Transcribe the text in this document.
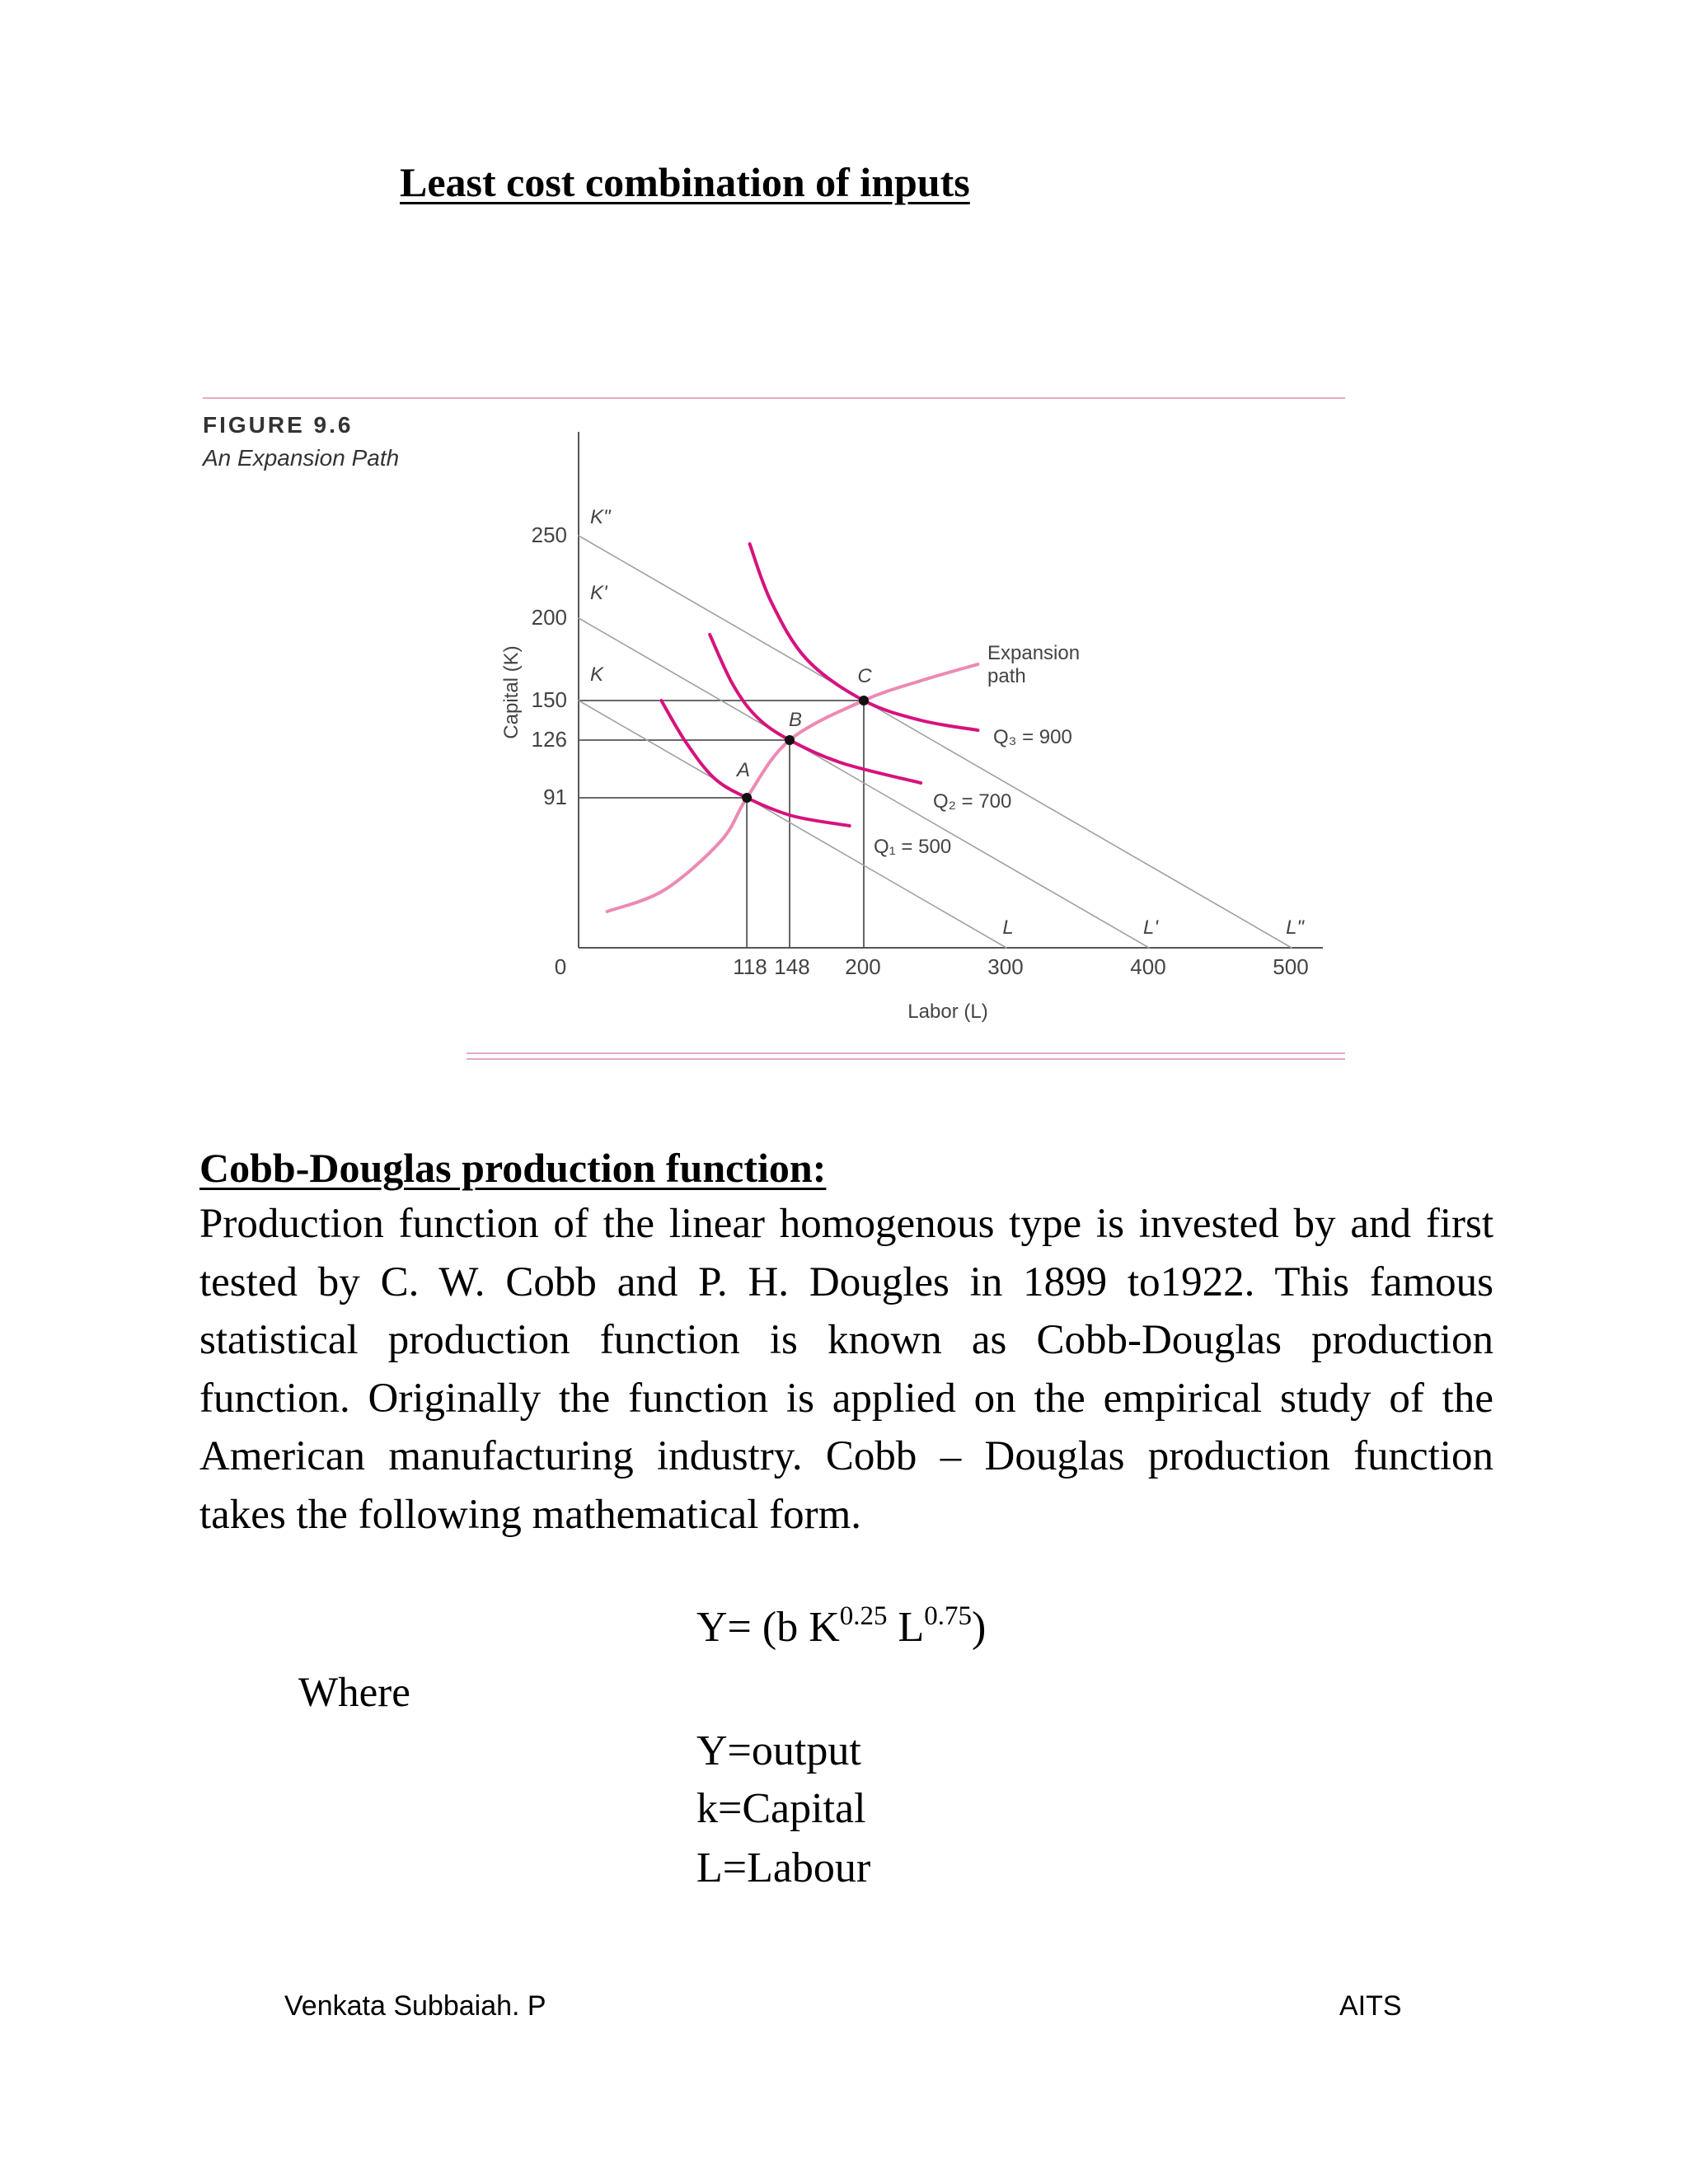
Least cost combination of inputs
FIGURE 9.6
An Expansion Path
Capital (K)
Labor (L)
250
200
150
126
91
0	118 148 200	300	400	500
K"
K'
K
L	L'	L"
A
B
C
Q₁ = 500
Q₂ = 700
Q₃ = 900
Expansion
path
Cobb-Douglas production function:
Production function of the linear homogenous type is invested by and first tested by C. W. Cobb and P. H. Dougles in 1899 to1922. This famous statistical production function is known as Cobb-Douglas production function. Originally the function is applied on the empirical study of the American manufacturing industry. Cobb – Douglas production function takes the following mathematical form.
Y= (b $K^{0.25}$ $L^{0.75}$)
Where
Y=output
k=Capital
L=Labour
Venkata Subbaiah. P	AITS
